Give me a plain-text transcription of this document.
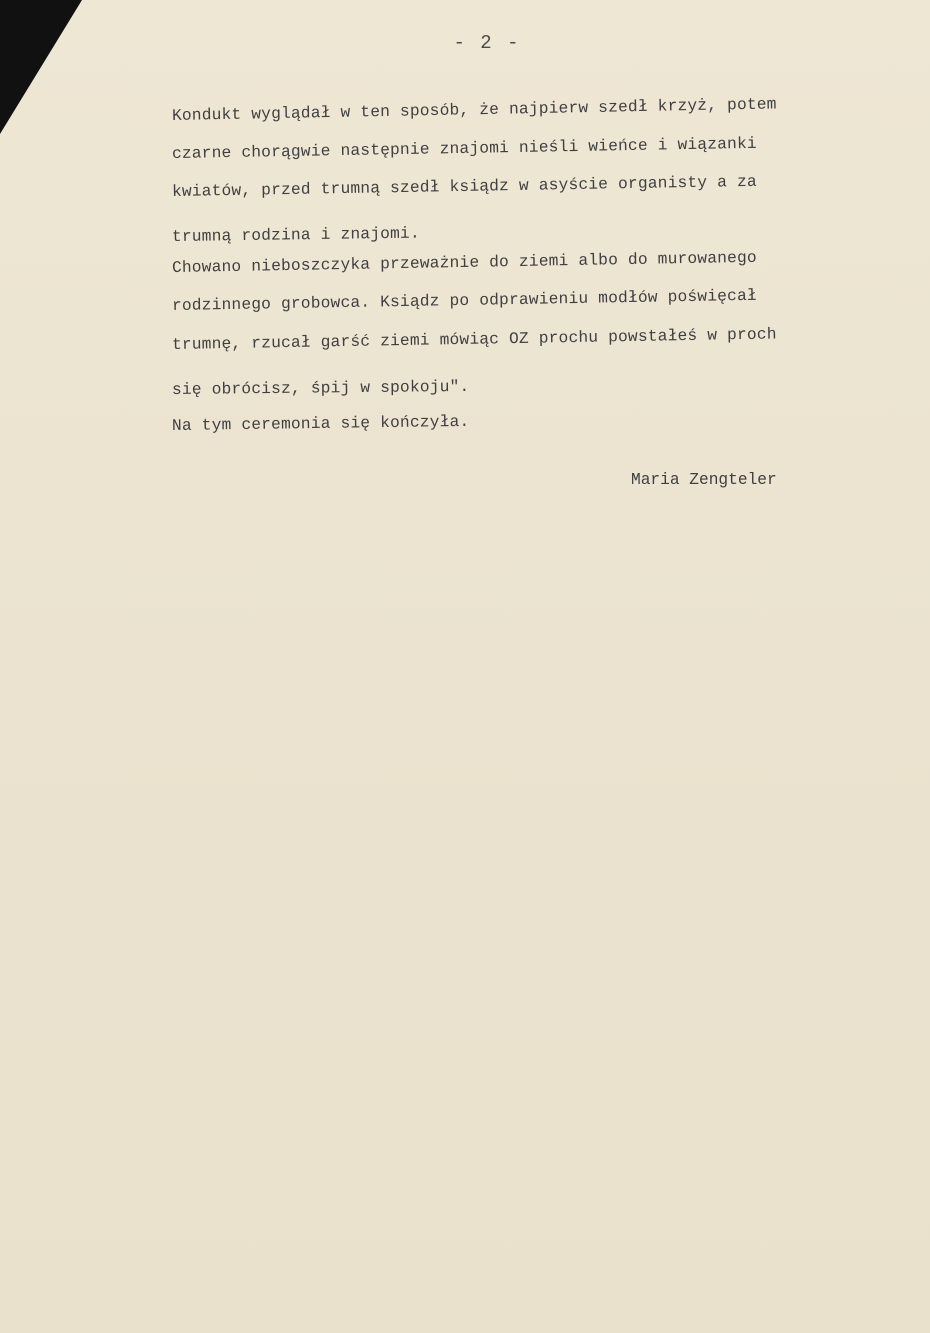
- 2 -
Kondukt wyglądał w ten sposób, że najpierw szedł krzyż, potem
czarne chorągwie następnie znajomi nieśli wieńce i wiązanki
kwiatów, przed trumną szedł ksiądz w asyście organisty a za
trumną rodzina i znajomi.
Chowano nieboszczyka przeważnie do ziemi albo do murowanego
rodzinnego grobowca. Ksiądz po odprawieniu modłów poświęcał
trumnę, rzucał garść ziemi mówiąc OZ prochu powstałeś w proch
się obrócisz, śpij w spokoju".
Na tym ceremonia się kończyła.
Maria Zengteler
